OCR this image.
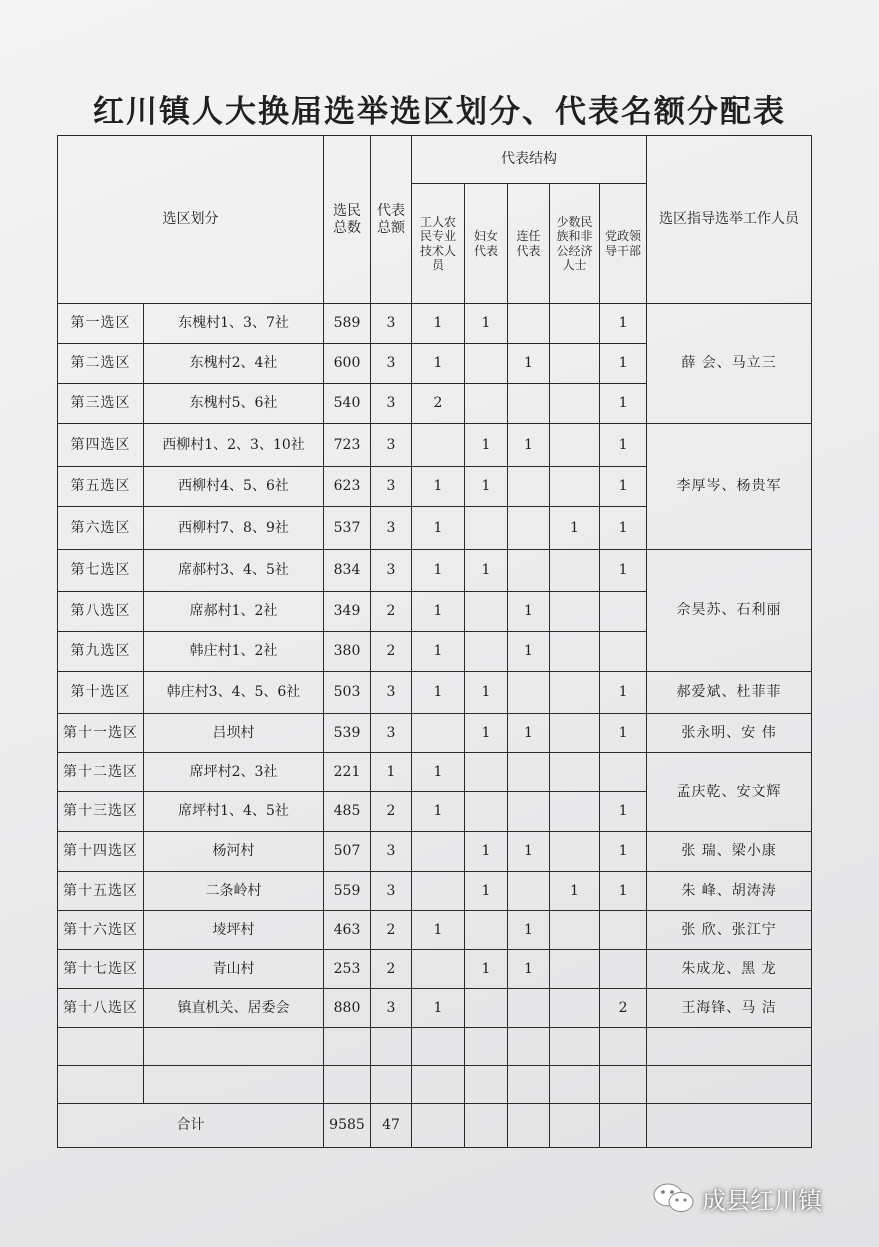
红川镇人大换届选举选区划分、代表名额分配表
选区划分		选民总数	代表总额	代表结构					选区指导选举工作人员

				工人农民专业技术人员	妇女代表	连任代表	少数民族和非公经济人士	党政领导干部	

第一选区	东槐村1、3、7社	589	3	1	1			1	薛 会、马立三
第二选区	东槐村2、4社	600	3	1		1		1	
第三选区	东槐村5、6社	540	3	2				1	
第四选区	西柳村1、2、3、10社	723	3		1	1		1	李厚岑、杨贵军
第五选区	西柳村4、5、6社	623	3	1	1			1	
第六选区	西柳村7、8、9社	537	3	1			1	1	
第七选区	席郝村3、4、5社	834	3	1	1			1	佘昊苏、石利丽
第八选区	席郝村1、2社	349	2	1		1			
第九选区	韩庄村1、2社	380	2	1		1			
第十选区	韩庄村3、4、5、6社	503	3	1	1			1	郝爱斌、杜菲菲
第十一选区	吕坝村	539	3		1	1		1	张永明、安 伟
第十二选区	席坪村2、3社	221	1	1					孟庆乾、安文辉
第十三选区	席坪村1、4、5社	485	2	1				1	
第十四选区	杨河村	507	3		1	1		1	张 瑞、梁小康
第十五选区	二条岭村	559	3		1		1	1	朱 峰、胡涛涛
第十六选区	堎坪村	463	2	1		1			张 欣、张江宁
第十七选区	青山村	253	2		1	1			朱成龙、黑 龙
第十八选区	镇直机关、居委会	880	3	1				2	王海锋、马 洁

合计		9585	47						
成县红川镇
